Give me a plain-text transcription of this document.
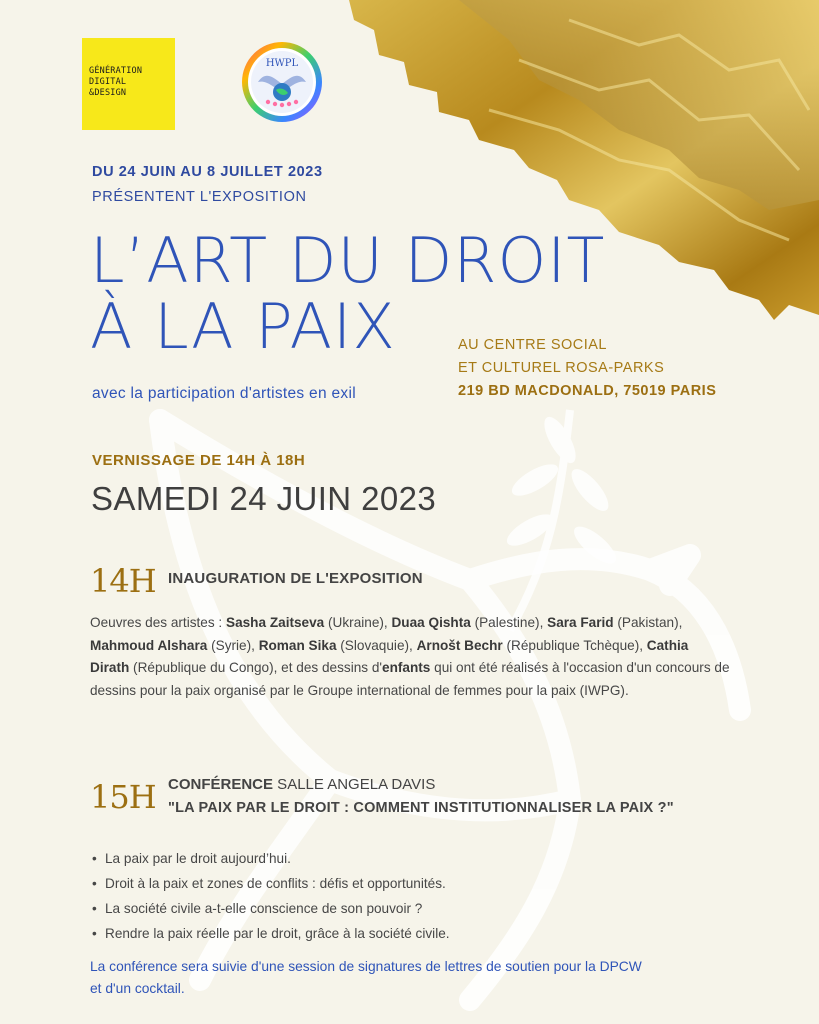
GÉNÉRATION
DIGITAL
&DESIGN
HWPL
DU 24 JUIN AU 8 JUILLET 2023
PRÉSENTENT L'EXPOSITION
L’ART DU DROIT
À LA PAIX
avec la participation d'artistes en exil
AU CENTRE SOCIAL
ET CULTUREL ROSA-PARKS
219 BD MACDONALD, 75019 PARIS
VERNISSAGE DE 14H À 18H
SAMEDI 24 JUIN 2023
14H INAUGURATION DE L'EXPOSITION
Oeuvres des artistes : Sasha Zaitseva (Ukraine), Duaa Qishta (Palestine), Sara Farid (Pakistan), Mahmoud Alshara (Syrie), Roman Sika (Slovaquie), Arnošt Bechr (République Tchèque), Cathia Dirath (République du Congo), et des dessins d'enfants qui ont été réalisés à l'occasion d'un concours de dessins pour la paix organisé par le Groupe international de femmes pour la paix (IWPG).
15H CONFÉRENCE SALLE ANGELA DAVIS
"LA PAIX PAR LE DROIT : COMMENT INSTITUTIONNALISER LA PAIX ?"
• La paix par le droit aujourd’hui.
• Droit à la paix et zones de conflits : défis et opportunités.
• La société civile a-t-elle conscience de son pouvoir ?
• Rendre la paix réelle par le droit, grâce à la société civile.
La conférence sera suivie d'une session de signatures de lettres de soutien pour la DPCW
et d'un cocktail.
